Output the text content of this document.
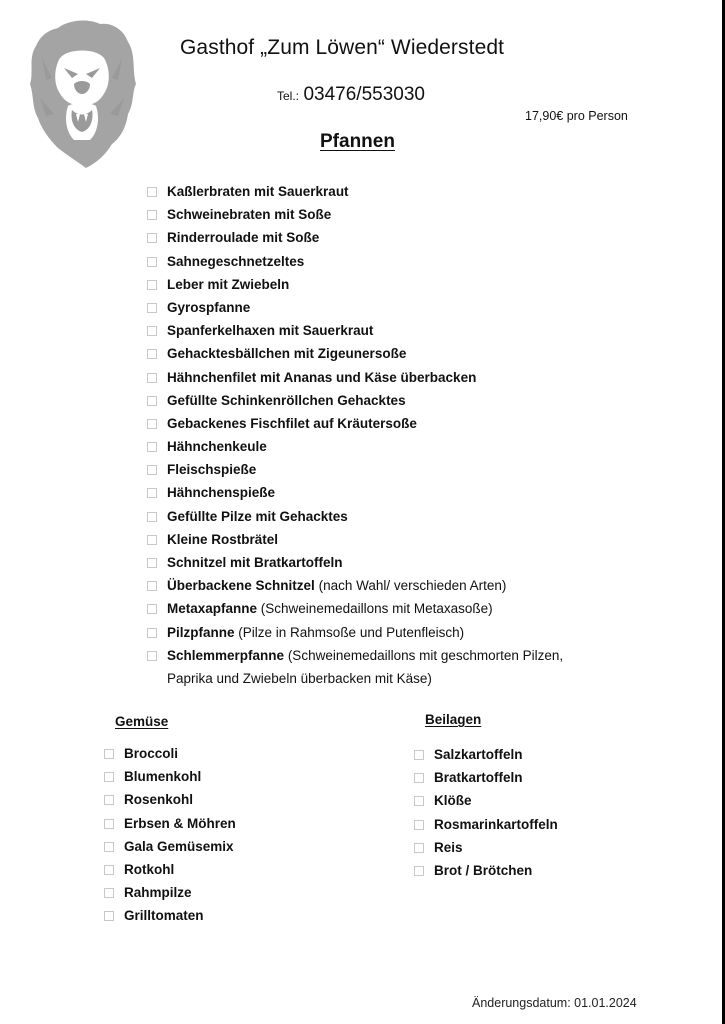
Gasthof „Zum Löwen“ Wiederstedt
Tel.: 03476/553030
17,90€ pro Person
Pfannen
Kaßlerbraten mit Sauerkraut
Schweinebraten mit Soße
Rinderroulade mit Soße
Sahnegeschnetzeltes
Leber mit Zwiebeln
Gyrospfanne
Spanferkelhaxen mit Sauerkraut
Gehacktesbällchen mit Zigeunersoße
Hähnchenfilet mit Ananas und Käse überbacken
Gefüllte Schinkenröllchen Gehacktes
Gebackenes Fischfilet auf Kräutersoße
Hähnchenkeule
Fleischspieße
Hähnchenspieße
Gefüllte Pilze mit Gehacktes
Kleine Rostbrätel
Schnitzel mit Bratkartoffeln
Überbackene Schnitzel (nach Wahl/ verschieden Arten)
Metaxapfanne (Schweinemedaillons mit Metaxasoße)
Pilzpfanne (Pilze in Rahmsoße und Putenfleisch)
Schlemmerpfanne (Schweinemedaillons mit geschmorten Pilzen, Paprika und Zwiebeln überbacken mit Käse)
Gemüse	Beilagen
Broccoli
Blumenkohl
Rosenkohl
Erbsen & Möhren
Gala Gemüsemix
Rotkohl
Rahmpilze
Grilltomaten
Salzkartoffeln
Bratkartoffeln
Klöße
Rosmarinkartoffeln
Reis
Brot / Brötchen
Änderungsdatum: 01.01.2024
